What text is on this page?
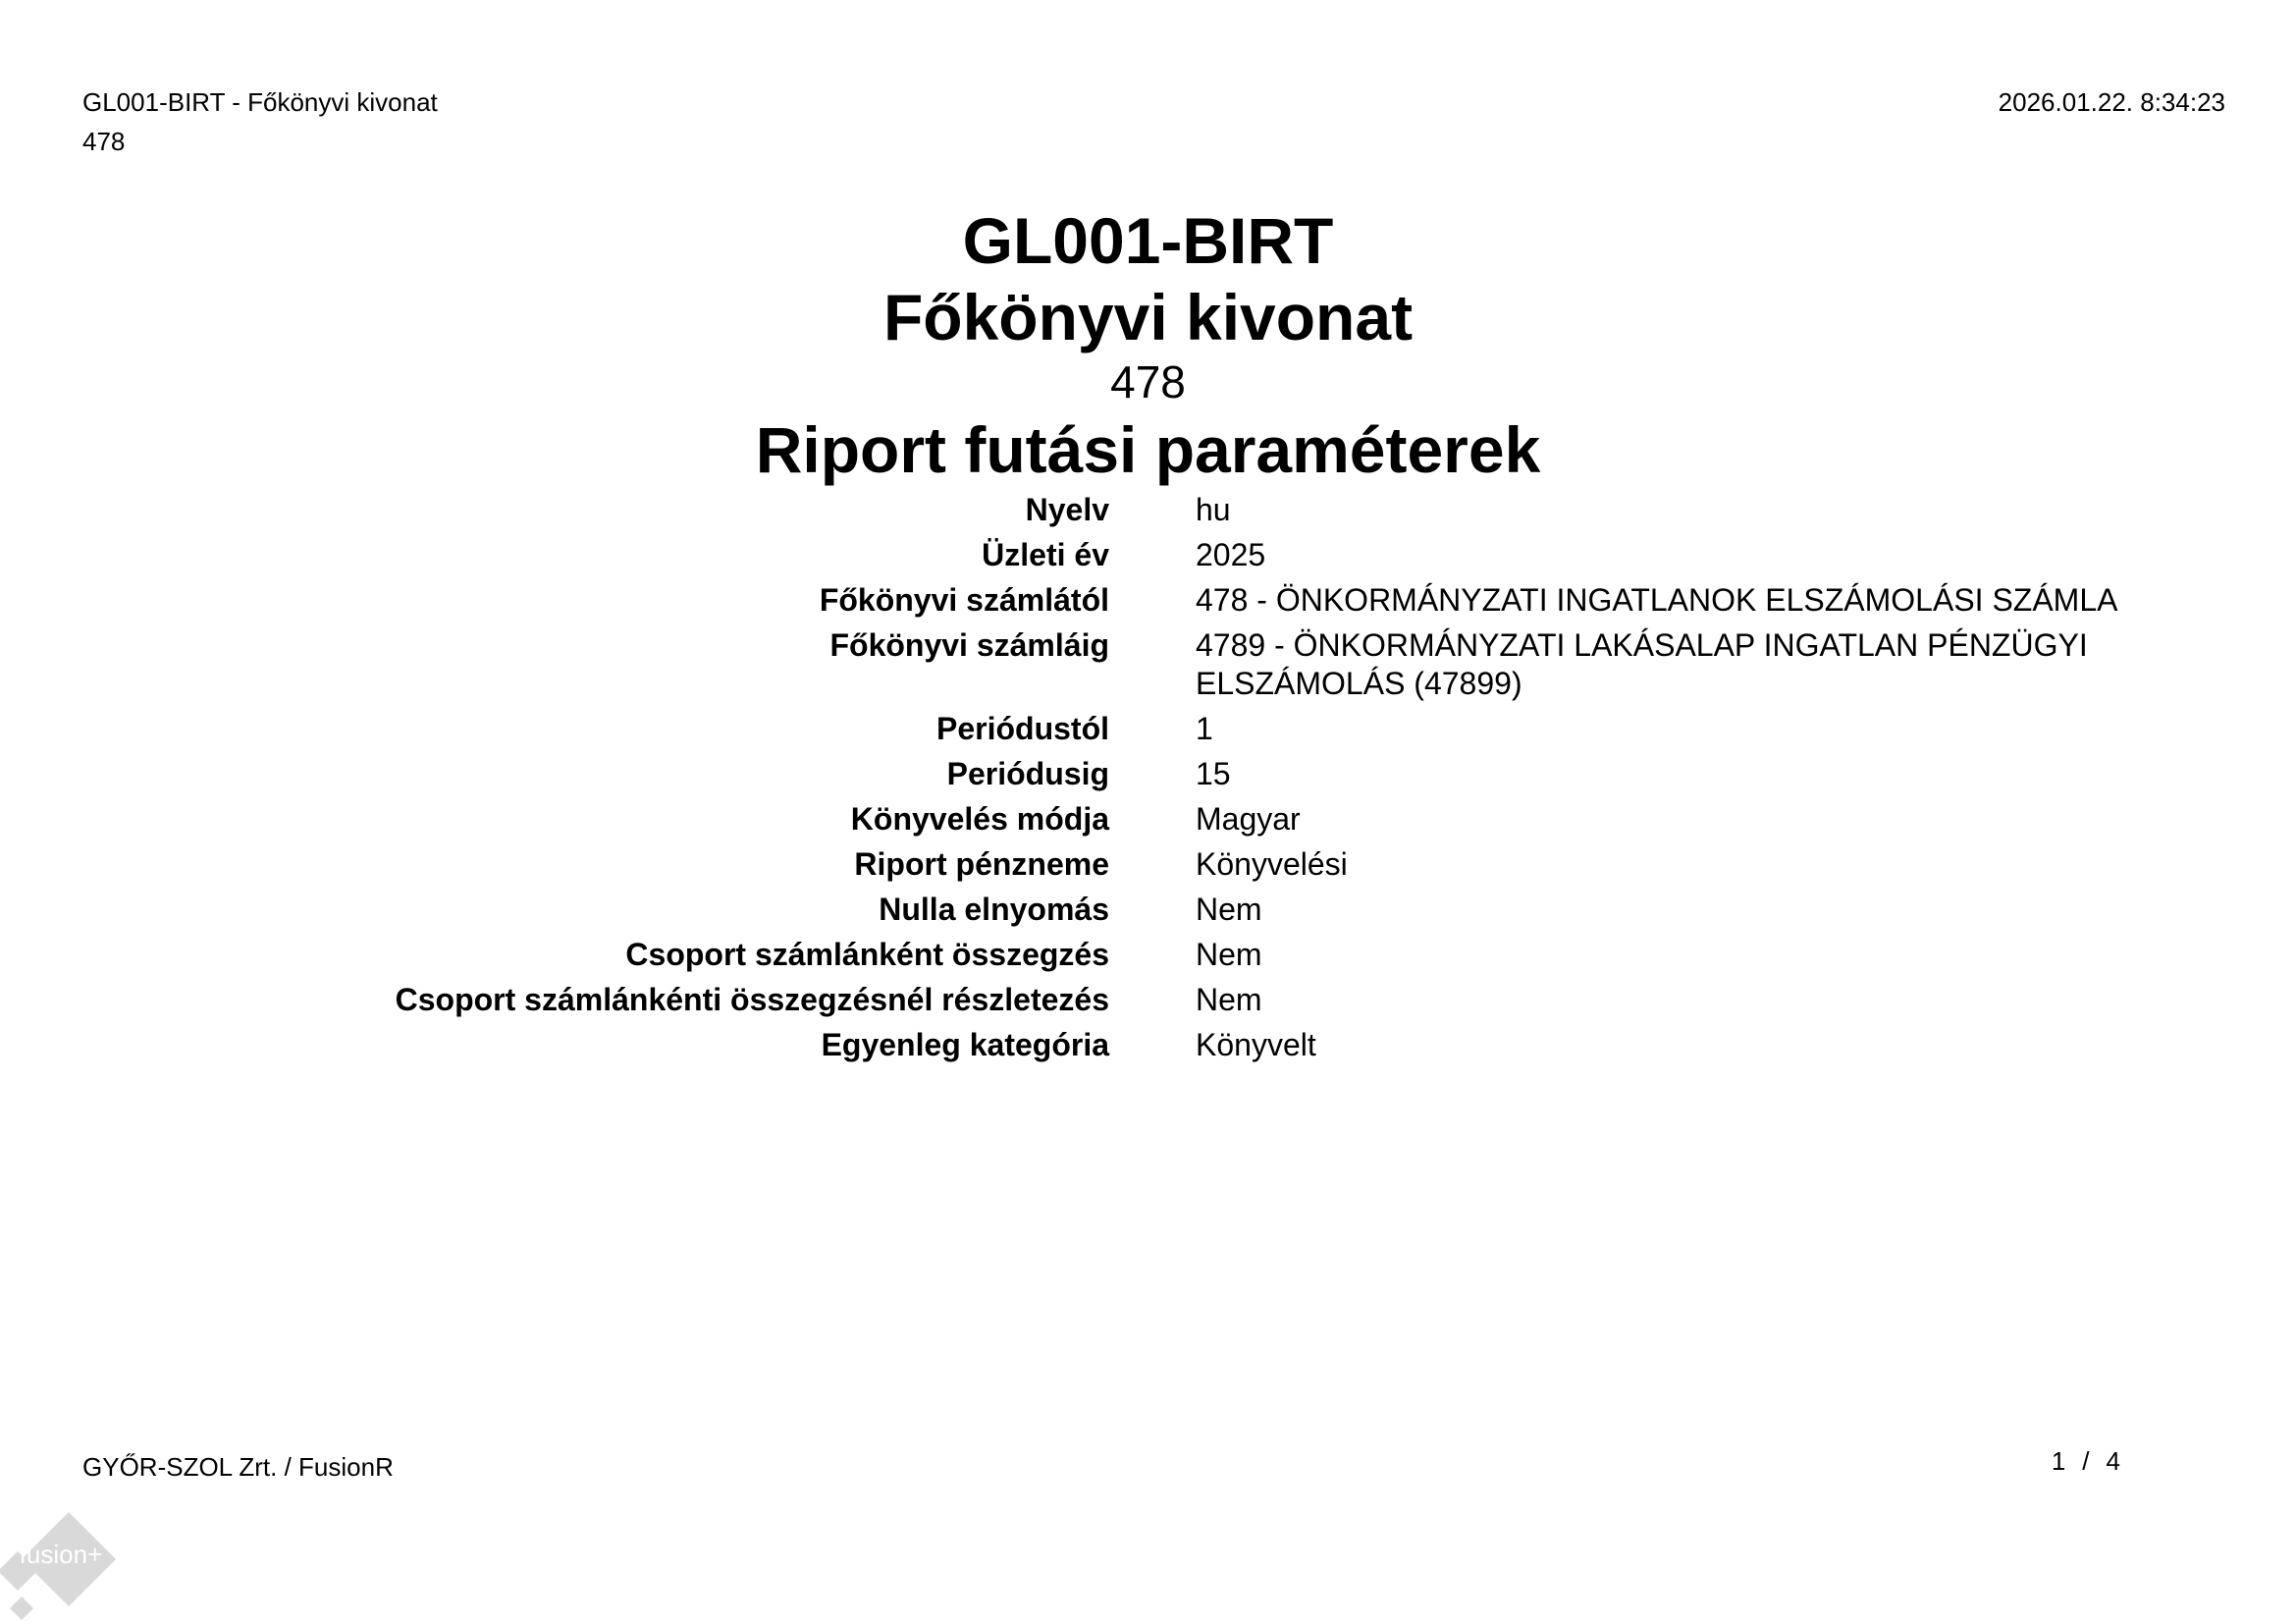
GL001-BIRT - Főkönyvi kivonat
478
2026.01.22. 8:34:23
GL001-BIRT
Főkönyvi kivonat
478
Riport futási paraméterek
Nyelv	hu
Üzleti év	2025
Főkönyvi számlától	478 - ÖNKORMÁNYZATI INGATLANOK ELSZÁMOLÁSI SZÁMLA
Főkönyvi számláig	4789 - ÖNKORMÁNYZATI LAKÁSALAP INGATLAN PÉNZÜGYI ELSZÁMOLÁS (47899)
Periódustól	1
Periódusig	15
Könyvelés módja	Magyar
Riport pénzneme	Könyvelési
Nulla elnyomás	Nem
Csoport számlánként összegzés	Nem
Csoport számlánkénti összegzésnél részletezés	Nem
Egyenleg kategória	Könyvelt
GYŐR-SZOL Zrt. / FusionR	1 / 4
fusion+
